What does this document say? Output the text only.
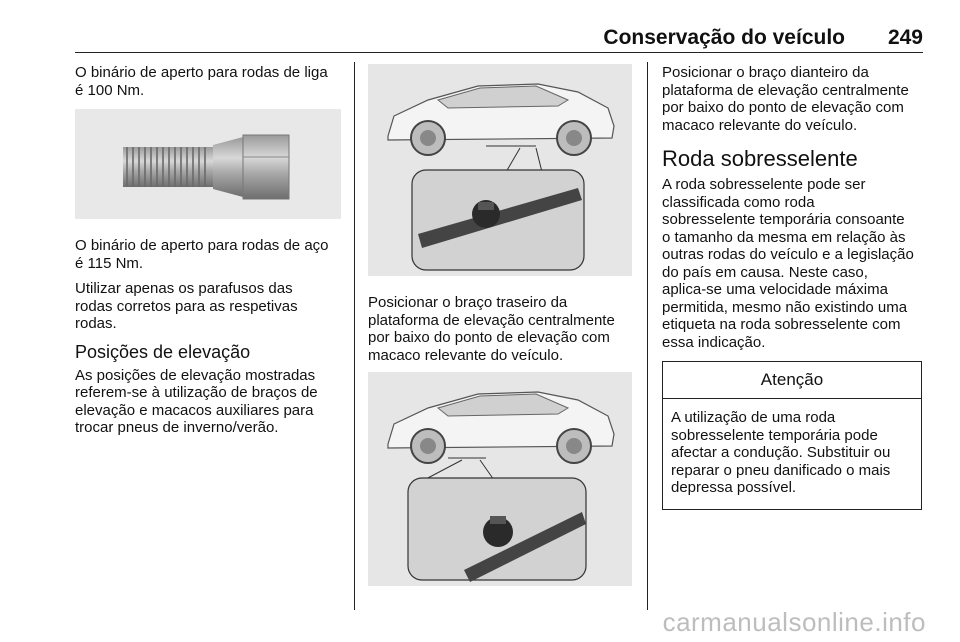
Conservação do veículo 249

O binário de aperto para rodas de liga
é 100 Nm.

O binário de aperto para rodas de aço
é 115 Nm.

Utilizar apenas os parafusos das
rodas corretos para as respetivas
rodas.

Posições de elevação

As posições de elevação mostradas
referem-se à utilização de braços de
elevação e macacos auxiliares para
trocar pneus de inverno/verão.

Posicionar o braço traseiro da
plataforma de elevação centralmente
por baixo do ponto de elevação com
macaco relevante do veículo.

Posicionar o braço dianteiro da
plataforma de elevação centralmente
por baixo do ponto de elevação com
macaco relevante do veículo.

Roda sobresselente

A roda sobresselente pode ser
classificada como roda
sobresselente temporária consoante
o tamanho da mesma em relação às
outras rodas do veículo e a legislação
do país em causa. Neste caso,
aplica-se uma velocidade máxima
permitida, mesmo não existindo uma
etiqueta na roda sobresselente com
essa indicação.

Atenção

A utilização de uma roda
sobresselente temporária pode
afectar a condução. Substituir ou
reparar o pneu danificado o mais
depressa possível.

carmanualsonline.info
